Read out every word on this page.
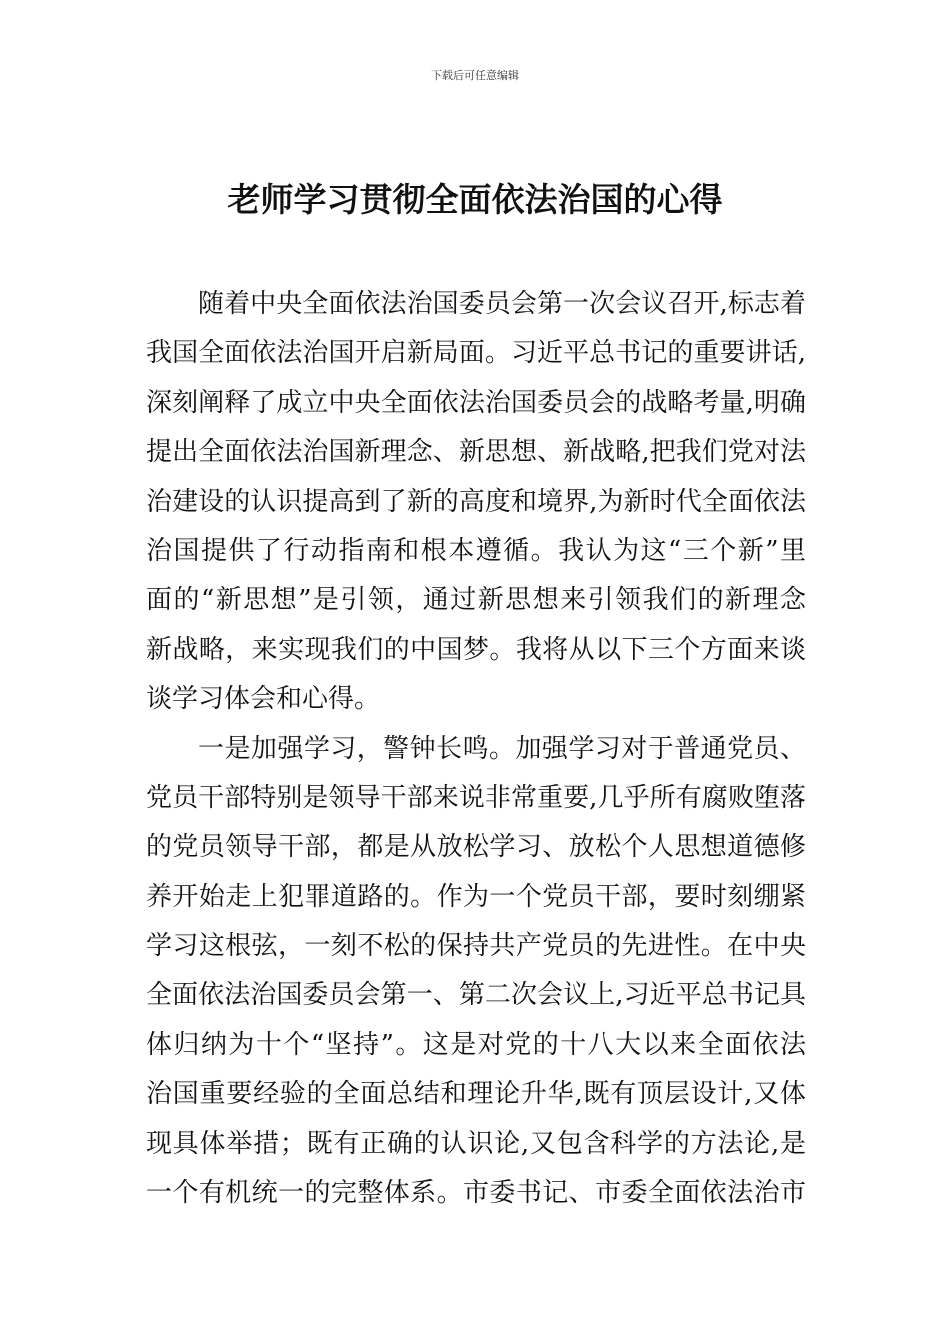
下载后可任意编辑
老师学习贯彻全面依法治国的心得
随着中央全面依法治国委员会第一次会议召开,标志着
我国全面依法治国开启新局面。习近平总书记的重要讲话,
深刻阐释了成立中央全面依法治国委员会的战略考量,明确
提出全面依法治国新理念、新思想、新战略,把我们党对法
治建设的认识提高到了新的高度和境界,为新时代全面依法
治国提供了行动指南和根本遵循。我认为这“三个新”里
面的“新思想”是引领，通过新思想来引领我们的新理念
新战略，来实现我们的中国梦。我将从以下三个方面来谈
谈学习体会和心得。
一是加强学习，警钟长鸣。加强学习对于普通党员、
党员干部特别是领导干部来说非常重要,几乎所有腐败堕落
的党员领导干部，都是从放松学习、放松个人思想道德修
养开始走上犯罪道路的。作为一个党员干部，要时刻绷紧
学习这根弦，一刻不松的保持共产党员的先进性。在中央
全面依法治国委员会第一、第二次会议上,习近平总书记具
体归纳为十个“坚持”。这是对党的十八大以来全面依法
治国重要经验的全面总结和理论升华,既有顶层设计,又体
现具体举措；既有正确的认识论,又包含科学的方法论,是
一个有机统一的完整体系。市委书记、市委全面依法治市
